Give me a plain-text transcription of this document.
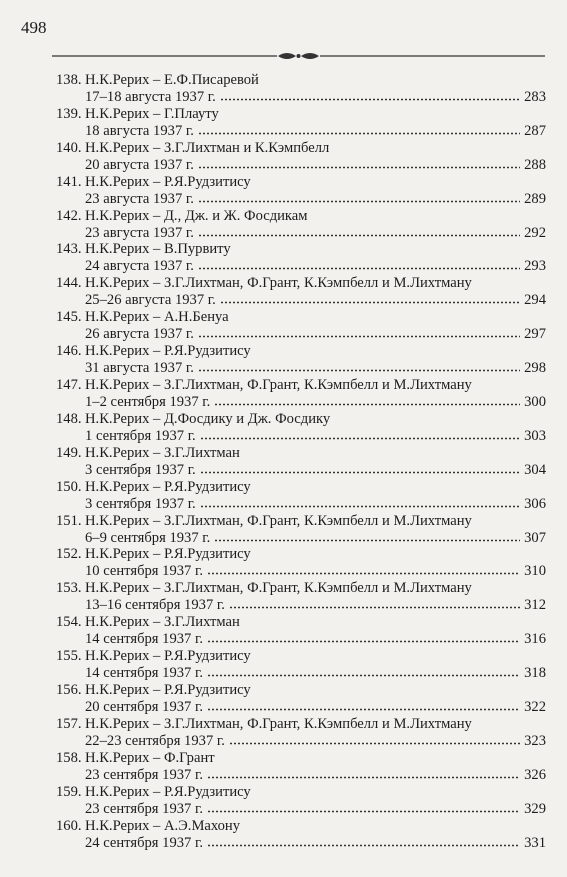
498
138. Н.К.Рерих – Е.Ф.Писаревой
17–18 августа 1937 г.	283
139. Н.К.Рерих – Г.Плауту
18 августа 1937 г.	287
140. Н.К.Рерих – З.Г.Лихтман и К.Кэмпбелл
20 августа 1937 г.	288
141. Н.К.Рерих – Р.Я.Рудзитису
23 августа 1937 г.	289
142. Н.К.Рерих – Д., Дж. и Ж. Фосдикам
23 августа 1937 г.	292
143. Н.К.Рерих – В.Пурвиту
24 августа 1937 г.	293
144. Н.К.Рерих – З.Г.Лихтман, Ф.Грант, К.Кэмпбелл и М.Лихтману
25–26 августа 1937 г.	294
145. Н.К.Рерих – А.Н.Бенуа
26 августа 1937 г.	297
146. Н.К.Рерих – Р.Я.Рудзитису
31 августа 1937 г.	298
147. Н.К.Рерих – З.Г.Лихтман, Ф.Грант, К.Кэмпбелл и М.Лихтману
1–2 сентября 1937 г.	300
148. Н.К.Рерих – Д.Фосдику и Дж. Фосдику
1 сентября 1937 г.	303
149. Н.К.Рерих – З.Г.Лихтман
3 сентября 1937 г.	304
150. Н.К.Рерих – Р.Я.Рудзитису
3 сентября 1937 г.	306
151. Н.К.Рерих – З.Г.Лихтман, Ф.Грант, К.Кэмпбелл и М.Лихтману
6–9 сентября 1937 г.	307
152. Н.К.Рерих – Р.Я.Рудзитису
10 сентября 1937 г.	310
153. Н.К.Рерих – З.Г.Лихтман, Ф.Грант, К.Кэмпбелл и М.Лихтману
13–16 сентября 1937 г.	312
154. Н.К.Рерих – З.Г.Лихтман
14 сентября 1937 г.	316
155. Н.К.Рерих – Р.Я.Рудзитису
14 сентября 1937 г.	318
156. Н.К.Рерих – Р.Я.Рудзитису
20 сентября 1937 г.	322
157. Н.К.Рерих – З.Г.Лихтман, Ф.Грант, К.Кэмпбелл и М.Лихтману
22–23 сентября 1937 г.	323
158. Н.К.Рерих – Ф.Грант
23 сентября 1937 г.	326
159. Н.К.Рерих – Р.Я.Рудзитису
23 сентября 1937 г.	329
160. Н.К.Рерих – А.Э.Махону
24 сентября 1937 г.	331
